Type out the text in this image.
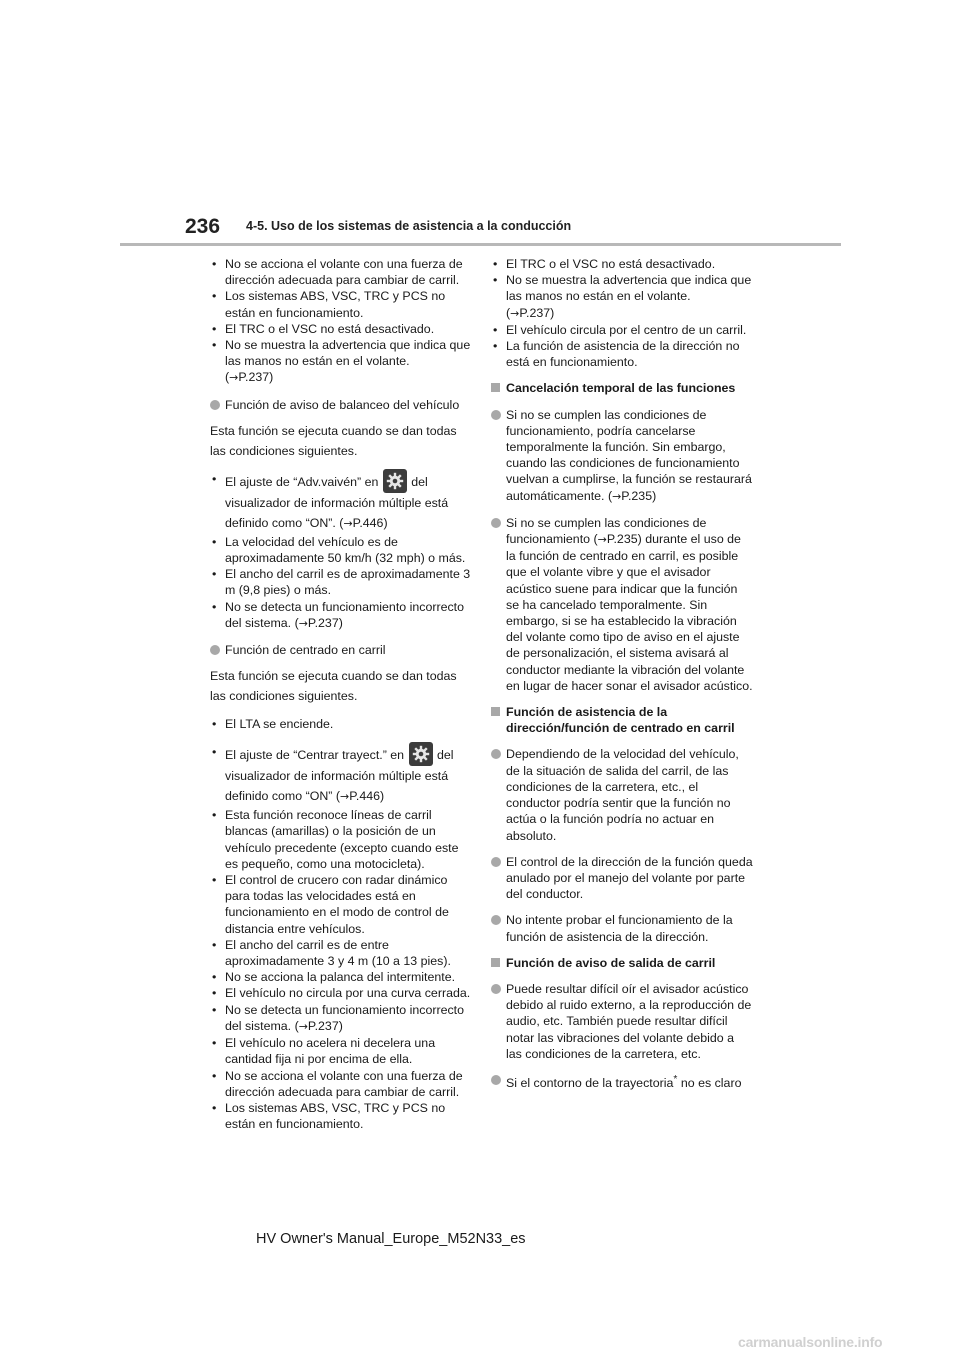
236 4-5. Uso de los sistemas de asistencia a la conducción
• No se acciona el volante con una fuerza de dirección adecuada para cambiar de carril.
• Los sistemas ABS, VSC, TRC y PCS no están en funcionamiento.
• El TRC o el VSC no está desactivado.
• No se muestra la advertencia que indica que las manos no están en el volante.
(→P.237)
Función de aviso de balanceo del vehículo
Esta función se ejecuta cuando se dan todas las condiciones siguientes.
• El ajuste de “Adv.vaivén” en	del visualizador de información múltiple está definido como “ON”. (→P.446)
• La velocidad del vehículo es de aproximadamente 50 km/h (32 mph) o más.
• El ancho del carril es de aproximadamente 3 m (9,8 pies) o más.
• No se detecta un funcionamiento incorrecto del sistema. (→P.237)
Función de centrado en carril
Esta función se ejecuta cuando se dan todas las condiciones siguientes.
• El LTA se enciende.
• El ajuste de “Centrar trayect.” en	del visualizador de información múltiple está definido como “ON” (→P.446)
• Esta función reconoce líneas de carril blancas (amarillas) o la posición de un vehículo precedente (excepto cuando este es pequeño, como una motocicleta).
• El control de crucero con radar dinámico para todas las velocidades está en funcionamiento en el modo de control de distancia entre vehículos.
• El ancho del carril es de entre aproximadamente 3 y 4 m (10 a 13 pies).
• No se acciona la palanca del intermitente.
• El vehículo no circula por una curva cerrada.
• No se detecta un funcionamiento incorrecto del sistema. (→P.237)
• El vehículo no acelera ni decelera una cantidad fija ni por encima de ella.
• No se acciona el volante con una fuerza de dirección adecuada para cambiar de carril.
• Los sistemas ABS, VSC, TRC y PCS no están en funcionamiento.
• El TRC o el VSC no está desactivado.
• No se muestra la advertencia que indica que las manos no están en el volante.
(→P.237)
• El vehículo circula por el centro de un carril.
• La función de asistencia de la dirección no está en funcionamiento.
Cancelación temporal de las funciones
Si no se cumplen las condiciones de funcionamiento, podría cancelarse temporalmente la función. Sin embargo, cuando las condiciones de funcionamiento vuelvan a cumplirse, la función se restaurará automáticamente. (→P.235)
Si no se cumplen las condiciones de funcionamiento (→P.235) durante el uso de la función de centrado en carril, es posible que el volante vibre y que el avisador acústico suene para indicar que la función se ha cancelado temporalmente. Sin embargo, si se ha establecido la vibración del volante como tipo de aviso en el ajuste de personalización, el sistema avisará al conductor mediante la vibración del volante en lugar de hacer sonar el avisador acústico.
Función de asistencia de la dirección/función de centrado en carril
Dependiendo de la velocidad del vehículo, de la situación de salida del carril, de las condiciones de la carretera, etc., el conductor podría sentir que la función no actúa o la función podría no actuar en absoluto.
El control de la dirección de la función queda anulado por el manejo del volante por parte del conductor.
No intente probar el funcionamiento de la función de asistencia de la dirección.
Función de aviso de salida de carril
Puede resultar difícil oír el avisador acústico debido al ruido externo, a la reproducción de audio, etc. También puede resultar difícil notar las vibraciones del volante debido a las condiciones de la carretera, etc.
Si el contorno de la trayectoria* no es claro
HV Owner's Manual_Europe_M52N33_es
carmanualsonline.info
